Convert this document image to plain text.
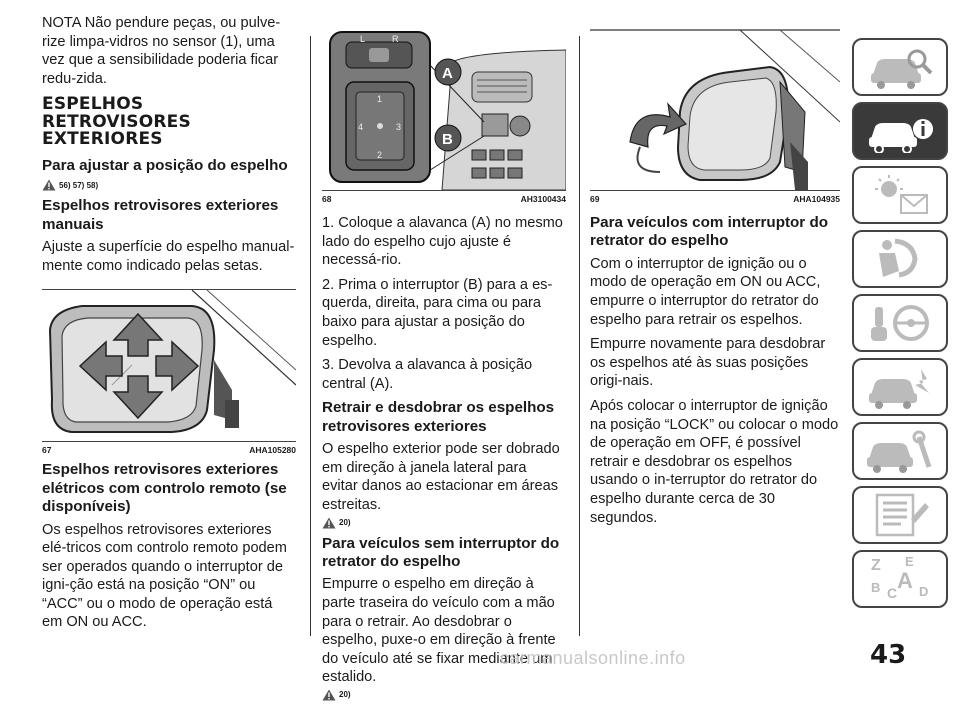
NOTA Não pendure peças, ou pulve-rize limpa-vidros no sensor (1), uma vez que a sensibilidade poderia ficar redu-zida.

ESPELHOS RETROVISORES EXTERIORES
Para ajustar a posição do espelho
56) 57) 58)
Espelhos retrovisores exteriores manuais

Ajuste a superfície do espelho manual-mente como indicado pelas setas.

67	AHA105280
Espelhos retrovisores exteriores elétricos com controlo remoto (se disponíveis)

Os espelhos retrovisores exteriores elé-tricos com controlo remoto podem ser operados quando o interruptor de igni-ção está na posição “ON” ou “ACC” ou o modo de operação está em ON ou ACC.

L	R
1
2
3
4
A
B
68	AH3100434

1. Coloque a alavanca (A) no mesmo lado do espelho cujo ajuste é necessá-rio.

2. Prima o interruptor (B) para a es-querda, direita, para cima ou para baixo para ajustar a posição do espelho.

3. Devolva a alavanca à posição central (A).

Retrair e desdobrar os espelhos retrovisores exteriores

O espelho exterior pode ser dobrado em direção à janela lateral para evitar danos ao estacionar em áreas estreitas.

20)
Para veículos sem interruptor do retrator do espelho

Empurre o espelho em direção à parte traseira do veículo com a mão para o retrair. Ao desdobrar o espelho, puxe-o em direção à frente do veículo até se fixar mediante um estalido.

20)
69	AHA104935
Para veículos com interruptor do retrator do espelho

Com o interruptor de ignição ou o modo de operação em ON ou ACC, empurre o interruptor do retrator do espelho para retrair os espelhos.

Empurre novamente para desdobrar os espelhos até às suas posições origi-nais.

Após colocar o interruptor de ignição na posição “LOCK” ou colocar o modo de operação em OFF, é possível retrair e desdobrar os espelhos usando o in-terruptor do retrator do espelho durante cerca de 30 segundos.

Z E
B C A D
43
carmanualsonline.info
